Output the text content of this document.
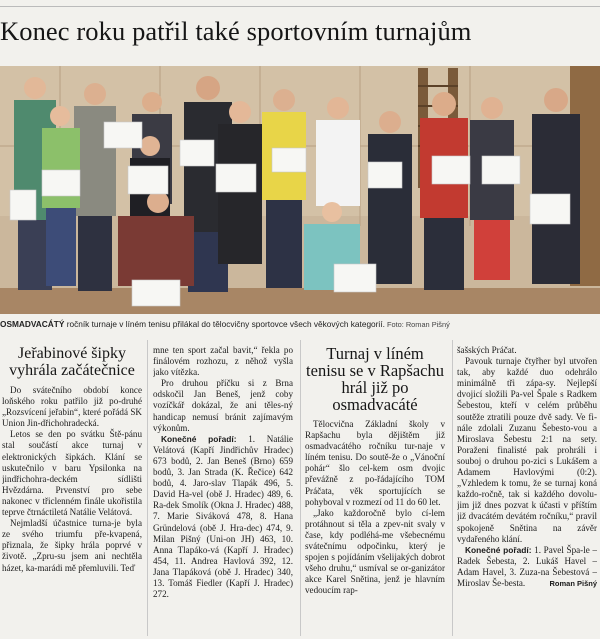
Konec roku patřil také sportovním turnajům
OSMADVACÁTÝ ročník turnaje v líném tenisu přilákal do tělocvičny sportovce všech věkových kategorií. Foto: Roman Pišný
Jeřabinové šipky vyhrála začátečnice

Do svátečního období konce loňského roku patřilo již po-druhé „Rozsvícení jeřabin“, které pořádá SK Union Jin-dřichohradecká.

Letos se den po svátku Ště-pánu stal součástí akce turnaj v elektronických šipkách. Klání se uskutečnilo v baru Ypsilonka na jindřichohra-deckém sídlišti Hvězdárna. Prvenství pro sebe nakonec v třiclenném finále ukořistila teprve čtrnáctiletá Natálie Velátová.

Nejmladší účastnice turna-je byla ze svého triumfu pře-kvapená, přiznala, že šipky hrála poprvé v životě. „Zpru-su jsem ani nechtěla házet, ka-marádi mě přemluvili. Teď

mne ten sport začal bavit,“ řekla po finálovém rozhozu, z něhož vyšla jako vítězka.

Pro druhou příčku si z Brna odskočil Jan Beneš, jenž coby vozíčkář dokázal, že ani těles-ný handicap nemusí bránit zajímavým výkonům.

Konečné pořadí: 1. Natálie Velátová (Kapří Jindřichův Hradec) 673 bodů, 2. Jan Beneš (Brno) 659 bodů, 3. Jan Strada (K. Řečice) 642 bodů, 4. Jaro-slav Tlapák 496, 5. David Ha-vel (obě J. Hradec) 489, 6. Ra-dek Smolík (Okna J. Hradec) 488, 7. Marie Siváková 478, 8. Hana Gründelová (obě J. Hra-dec) 474, 9. Milan Pišný (Uni-on JH) 463, 10. Anna Tlapáko-vá (Kapří J. Hradec) 454, 11. Andrea Havlová 392, 12. Jana Tlapáková (obě J. Hradec) 340, 13. Tomáš Fiedler (Kapří J. Hradec) 272.

Turnaj v líném tenisu se v Rapšachu hrál již po osmadvacáté

Tělocvična Základní školy v Rapšachu byla dějištěm již osmadvacátého ročníku tur-naje v líném tenisu. Do soutě-že o „Vánoční pohár“ šlo cel-kem osm dvojic převážně z po-řádajícího TOM Práčata, věk sportujících se pohyboval v rozmezí od 11 do 60 let.

„Jako každoročně bylo cí-lem protáhnout si těla a zpev-nit svaly v čase, kdy podléhá-me všebecnému svátečnímu odpočinku, který je spojen s pojídáním všelijakých dobrot všeho druhu,“ usmíval se or-ganizátor akce Karel Snětina, jenž je hlavním vedoucím rap-

šašských Práčat.

Pavouk turnaje čtyřher byl utvořen tak, aby každé duo odehrálo minimálně tři zápa-sy. Nejlepší dvojicí složili Pa-vel Špale s Radkem Šebestou, kteří v celém průběhu soutěže ztratili pouze dvě sady. Ve fi-nále zdolali Zuzanu Šebesto-vou a Miroslava Šebestu 2:1 na sety. Poraženi finalisté pak prohráli i souboj o druhou po-zici s Lukášem a Adamem Havlovými (0:2). „Vzhledem k tomu, že se turnaj koná každo-ročně, tak si každého dovolu-jim již dnes pozvat k účasti v příštím již dvacátém devátém ročníku,“ pravil spokojeně Snětina na závěr vydařeného klání.

Konečné pořadí: 1. Pavel Špa-le – Radek Šebesta, 2. Lukáš Havel – Adam Havel, 3. Zuza-na Šebestová – Miroslav Še-besta.	Roman Pišný
